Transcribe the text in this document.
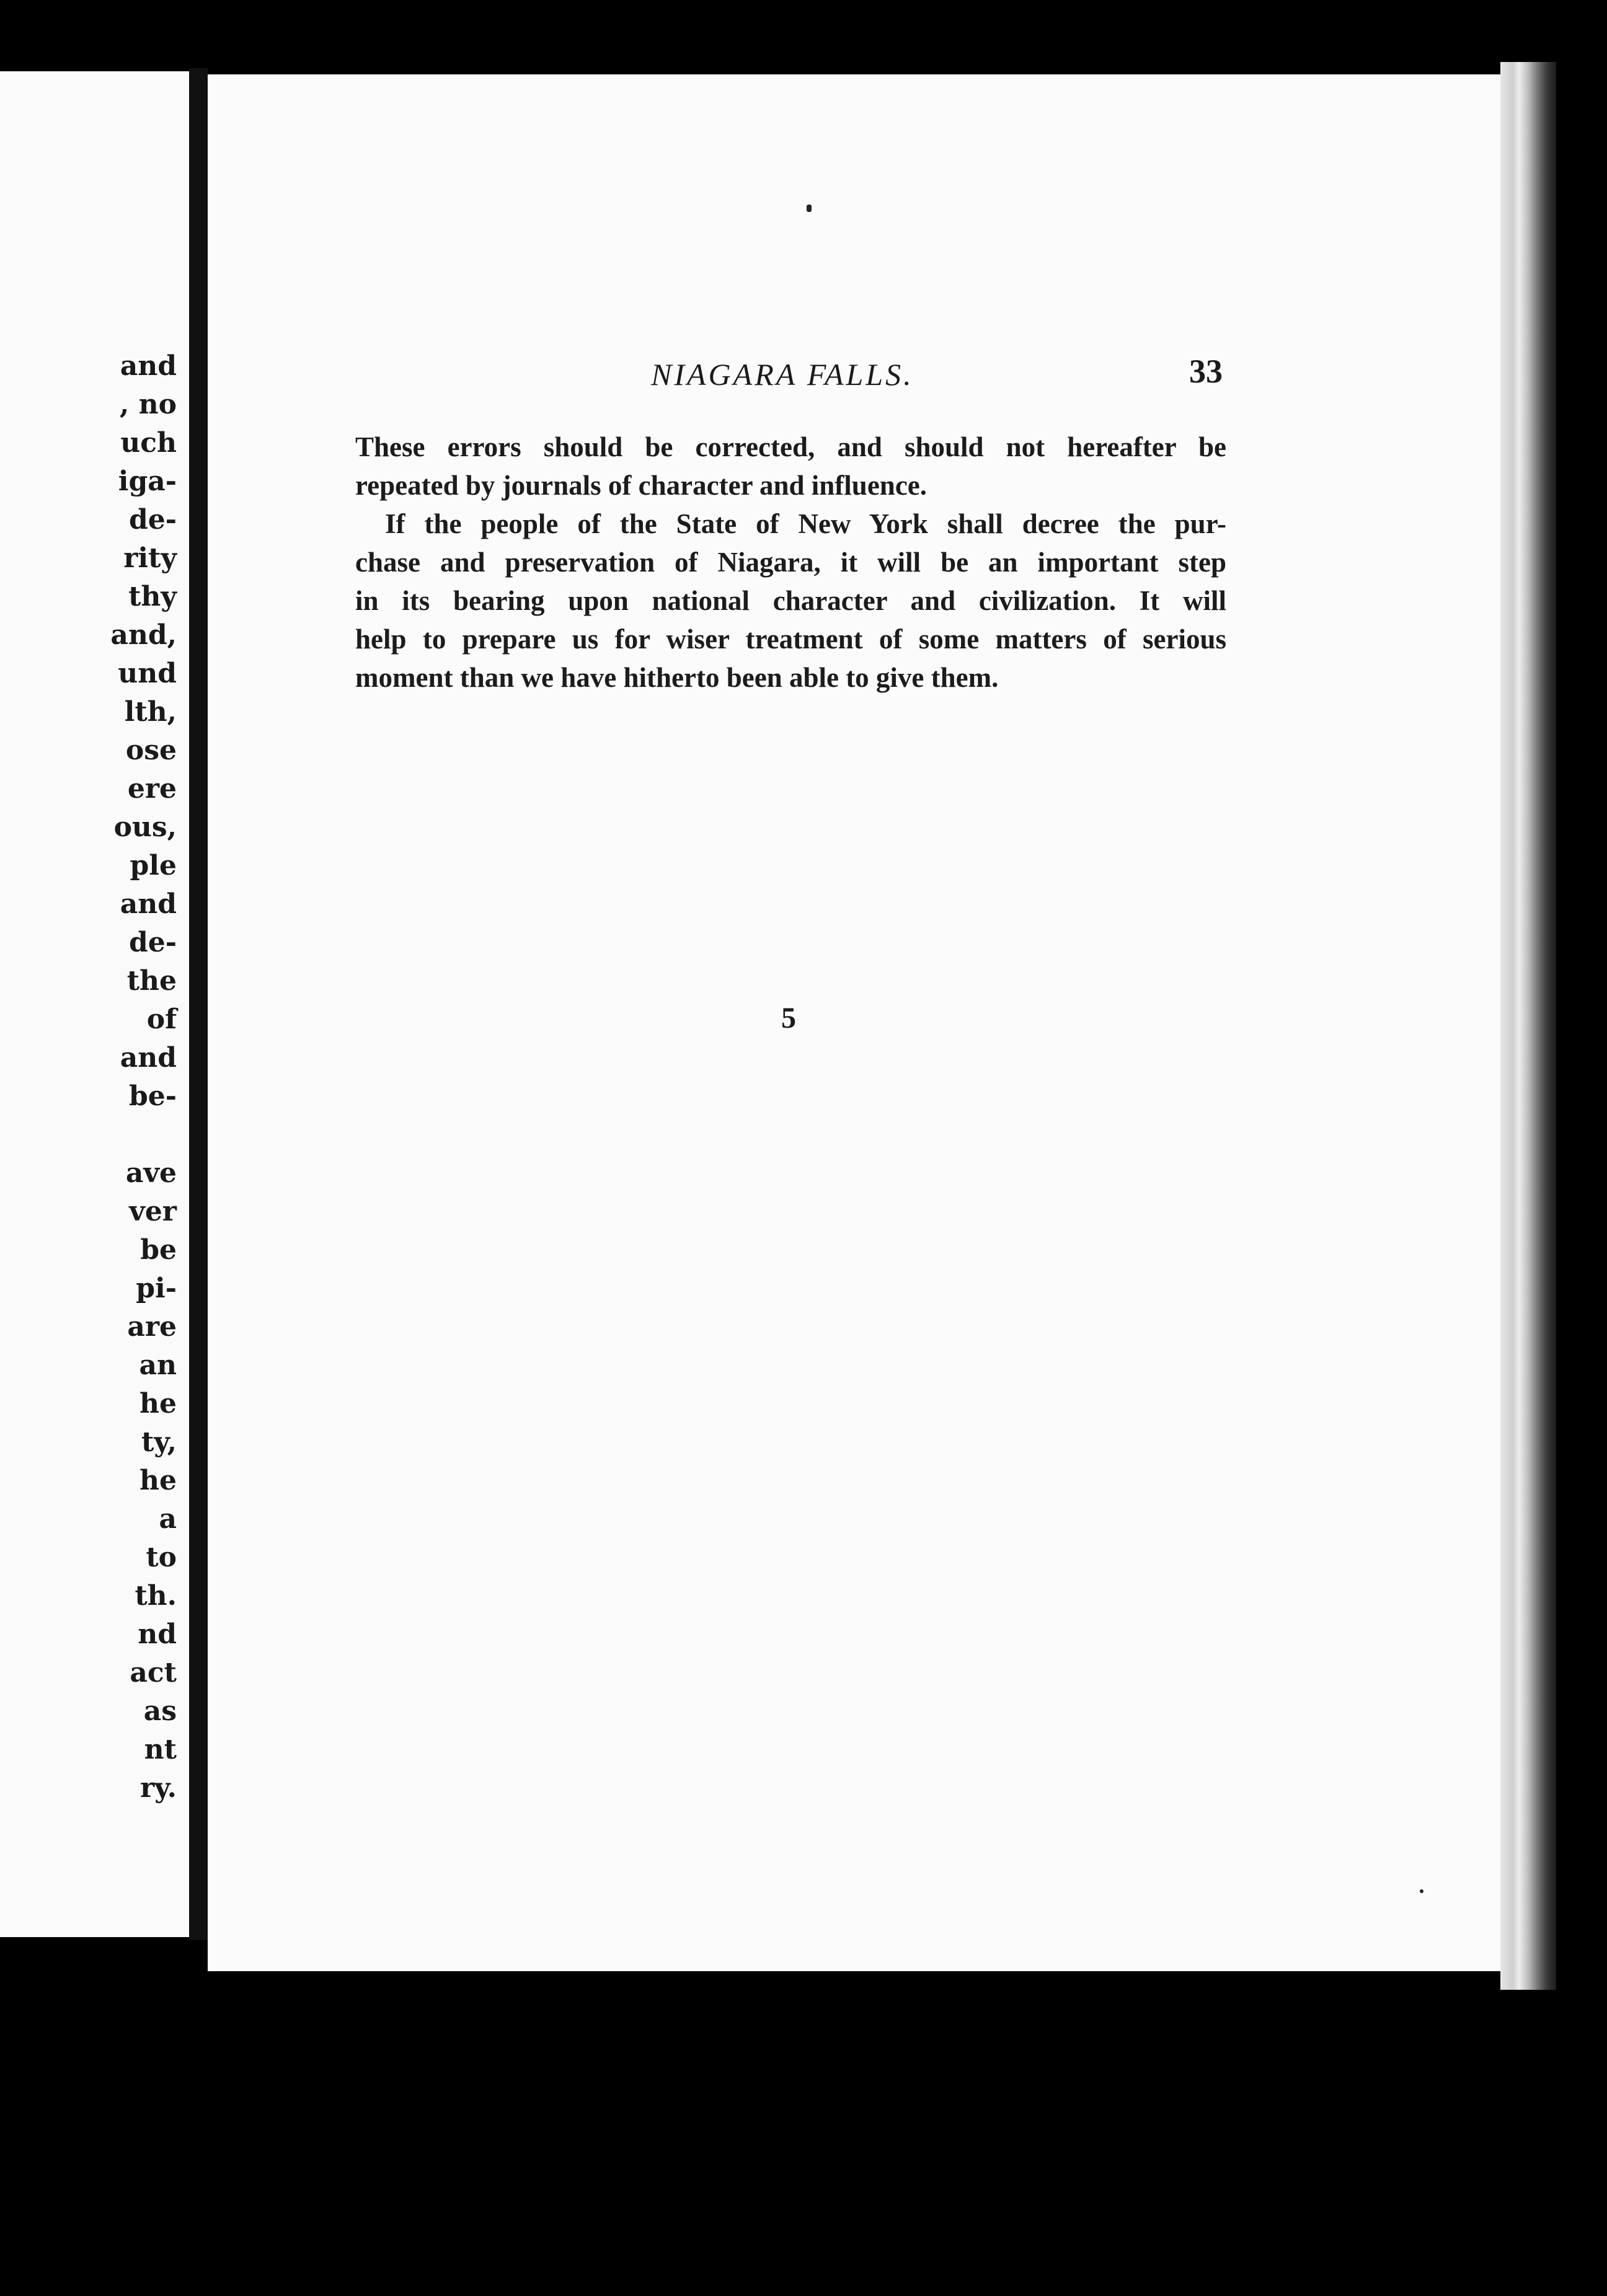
and
, no
uch
iga-
de-
rity
thy
and,
und
lth,
ose
ere
ous,
ple
and
de-
the
of
and
be-
ave
ver
be
pi-
are
an
he
ty,
he
a
to
th.
nd
act
as
nt
ry.
NIAGARA FALLS.	33
These errors should be corrected, and should not hereafter be
repeated by journals of character and influence.
If the people of the State of New York shall decree the pur-
chase and preservation of Niagara, it will be an important step
in its bearing upon national character and civilization. It will
help to prepare us for wiser treatment of some matters of serious
moment than we have hitherto been able to give them.
5
